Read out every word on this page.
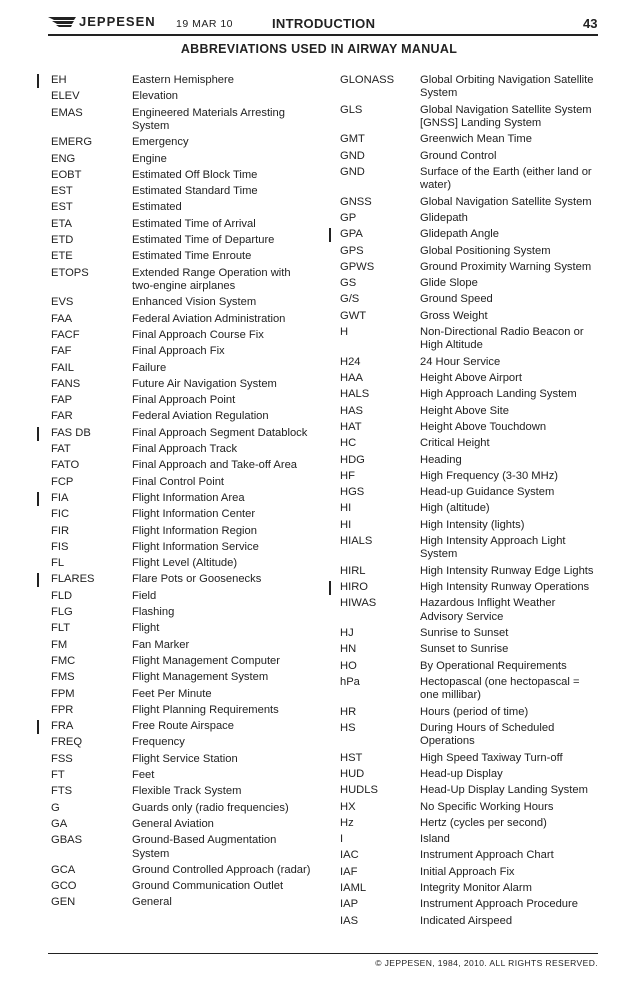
JEPPESEN 19 MAR 10	INTRODUCTION	43
ABBREVIATIONS USED IN AIRWAY MANUAL
EH	Eastern Hemisphere
ELEV	Elevation
EMAS	Engineered Materials Arresting System
EMERG	Emergency
ENG	Engine
EOBT	Estimated Off Block Time
EST	Estimated Standard Time
EST	Estimated
ETA	Estimated Time of Arrival
ETD	Estimated Time of Departure
ETE	Estimated Time Enroute
ETOPS	Extended Range Operation with two-engine airplanes
EVS	Enhanced Vision System
FAA	Federal Aviation Administration
FACF	Final Approach Course Fix
FAF	Final Approach Fix
FAIL	Failure
FANS	Future Air Navigation System
FAP	Final Approach Point
FAR	Federal Aviation Regulation
FAS DB	Final Approach Segment Datablock
FAT	Final Approach Track
FATO	Final Approach and Take-off Area
FCP	Final Control Point
FIA	Flight Information Area
FIC	Flight Information Center
FIR	Flight Information Region
FIS	Flight Information Service
FL	Flight Level (Altitude)
FLARES	Flare Pots or Goosenecks
FLD	Field
FLG	Flashing
FLT	Flight
FM	Fan Marker
FMC	Flight Management Computer
FMS	Flight Management System
FPM	Feet Per Minute
FPR	Flight Planning Requirements
FRA	Free Route Airspace
FREQ	Frequency
FSS	Flight Service Station
FT	Feet
FTS	Flexible Track System
G	Guards only (radio frequencies)
GA	General Aviation
GBAS	Ground-Based Augmentation System
GCA	Ground Controlled Approach (radar)
GCO	Ground Communication Outlet
GEN	General
GLONASS Global Orbiting Navigation Satellite System
GLS	Global Navigation Satellite System [GNSS] Landing System
GMT	Greenwich Mean Time
GND	Ground Control
GND	Surface of the Earth (either land or water)
GNSS	Global Navigation Satellite System
GP	Glidepath
GPA	Glidepath Angle
GPS	Global Positioning System
GPWS	Ground Proximity Warning System
GS	Glide Slope
G/S	Ground Speed
GWT	Gross Weight
H	Non-Directional Radio Beacon or High Altitude
H24	24 Hour Service
HAA	Height Above Airport
HALS	High Approach Landing System
HAS	Height Above Site
HAT	Height Above Touchdown
HC	Critical Height
HDG	Heading
HF	High Frequency (3-30 MHz)
HGS	Head-up Guidance System
HI	High (altitude)
HI	High Intensity (lights)
HIALS	High Intensity Approach Light System
HIRL	High Intensity Runway Edge Lights
HIRO	High Intensity Runway Operations
HIWAS	Hazardous Inflight Weather Advisory Service
HJ	Sunrise to Sunset
HN	Sunset to Sunrise
HO	By Operational Requirements
hPa	Hectopascal (one hectopascal = one millibar)
HR	Hours (period of time)
HS	During Hours of Scheduled Operations
HST	High Speed Taxiway Turn-off
HUD	Head-up Display
HUDLS	Head-Up Display Landing System
HX	No Specific Working Hours
Hz	Hertz (cycles per second)
I	Island
IAC	Instrument Approach Chart
IAF	Initial Approach Fix
IAML	Integrity Monitor Alarm
IAP	Instrument Approach Procedure
IAS	Indicated Airspeed
© JEPPESEN, 1984, 2010. ALL RIGHTS RESERVED.
